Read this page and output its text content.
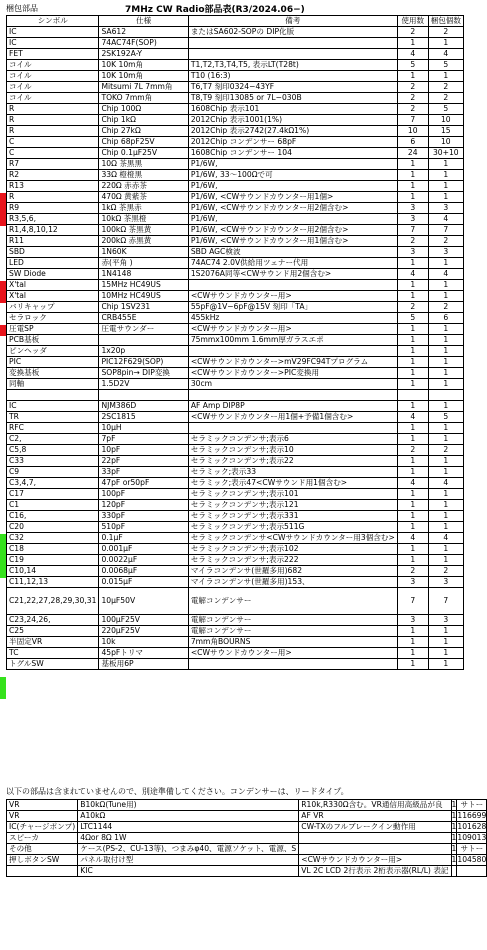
梱包部品	7MHz CW Radio部品表(R3/2024.06−)
シンボル	仕様	備考	使用数	梱包個数
IC	SA612	またはSA602-SOPの DIP化版	2	2
IC	74AC74F(SOP)		1	1
FET	2SK192A-Y		4	4
コイル	10K 10m角	T1,T2,T3,T4,T5, 表示LT(T28t)	5	5
コイル	10K 10m角	T10 (16:3)	1	1
コイル	Mitsumi 7L 7mm角	T6,T7 刻印0324−43YF	2	2
コイル	TOKO 7mm角	T8,T9 刻印13085 or 7L−030B	2	2
R	Chip 100Ω	1608Chip 表示101	2	5
R	Chip 1kΩ	2012Chip 表示1001(1%)	7	10
R	Chip 27kΩ	2012Chip 表示2742(27.4kΩ1%)	10	15
C	Chip 68pF25V	2012Chip コンデンサー 68pF	6	10
C	Chip 0.1μF25V	1608Chip コンデンサー 104	24	30+10
R7	10Ω 茶黒黒	P1/6W,	1	1
R2	33Ω 橙橙黒	P1/6W, 33〜100Ωで可	1	1
R13	220Ω 赤赤茶	P1/6W,	1	1
R	470Ω 黄紫茶	P1/6W, <CWサウンドカウンター用1個>	1	1
R9	1kΩ 茶黒赤	P1/6W, <CWサウンドカウンター用2個含む>	3	3
R3,5,6,	10kΩ 茶黒橙	P1/6W,	3	4
R1,4,8,10,12	100kΩ 茶黒黄	P1/6W, <CWサウンドカウンター用2個含む>	7	7
R11	200kΩ 赤黒黄	P1/6W, <CWサウンドカウンター用1個含む>	2	2
SBD	1N60K	SBD AGC検波	3	3
LED	赤(平角 )	74AC74 2.0V供給用ツェナー代用	1	1
SW Diode	1N4148	1S2076A同等<CWサウンド用2個含む>	4	4
X'tal	15MHz HC49US		1	1
X'tal	10MHz HC49US	<CWサウンドカウンター用>	1	1
バリキャップ	Chip 1SV231	55pF@1V−6pF@15V 刻印「TA」	2	2
セラロック	CRB455E	455kHz	5	6
圧電SP	圧電サウンダー	<CWサウンドカウンター用>	1	1
PCB基板		75mmx100mm 1.6mm厚ガラスエポ	1	1
ピンヘッダ	1x20p		1	1
PIC	PIC12F629(SOP)	<CWサウンドカウンター>mV29FC94Tプログラム	1	1
変換基板	SOP8pin→ DIP変換	<CWサウンドカウンター>PIC変換用	1	1
同軸	1.5D2V	30cm	1	1

IC	NJM386D	AF Amp DIP8P	1	1
TR	2SC1815	<CWサウンドカウンター用1個+予備1個含む>	4	5
RFC	10μH		1	1
C2,	7pF	セラミックコンデンサ;表示6	1	1
C5,8	10pF	セラミックコンデンサ;表示10	2	2
C33	22pF	セラミックコンデンサ;表示22	1	1
C9	33pF	セラミック;表示33	1	1
C3,4,7,	47pF or50pF	セラミック;表示47<CWサウンド用1個含む>	4	4
C17	100pF	セラミックコンデンサ;表示101	1	1
C1	120pF	セラミックコンデンサ;表示121	1	1
C16,	330pF	セラミックコンデンサ;表示331	1	1
C20	510pF	セラミックコンデンサ;表示511G	1	1
C32	0.1μF	セラミックコンデンサ<CWサウンドカウンター用3個含む>	4	4
C18	0.001μF	セラミックコンデンサ;表示102	1	1
C19	0.0022μF	セラミックコンデンサ;表示222	1	1
C10,14	0.0068μF	マイラコンデンサ(世羅多用)682	2	2
C11,12,13	0.015μF	マイラコンデンサ(世羅多用)153、	3	3
C21,22,27,28,29,30,31	10μF50V	電解コンデンサー	7	7
C23,24,26,	100μF25V	電解コンデンサー	3	3
C25	220μF25V	電解コンデンサー	1	1
半固定VR	10k	7mm角BOURNS	1	1
TC	45pFトリマ	<CWサウンドカウンター用>	1	1
トグルSW	基板用6P		1	1
以下の部品は含まれていませんので、別途準備してください。コンデンサーは、リードタイプ。
VR	B10kΩ(Tune用)	R10k,R330Ω含む。VR通信用高級品が良	1	サトー
VR	A10kΩ	AF VR	1	116699
IC(チャージポンプ)	LTC1144	CW-TXのフルブレークイン動作用	1	101628
スピーカ	4Ωor 8Ω 1W		1	109013
その他	ケース(PS-2、CU-13等)、つまみφ40、電源ソケット、電源、S		1	サトー
押しボタンSW	パネル取付け型	<CWサウンドカウンター用>	1	104580
	KIC	VL 2C LCD 2行表示 2桁表示器(RL/L) 表記		
